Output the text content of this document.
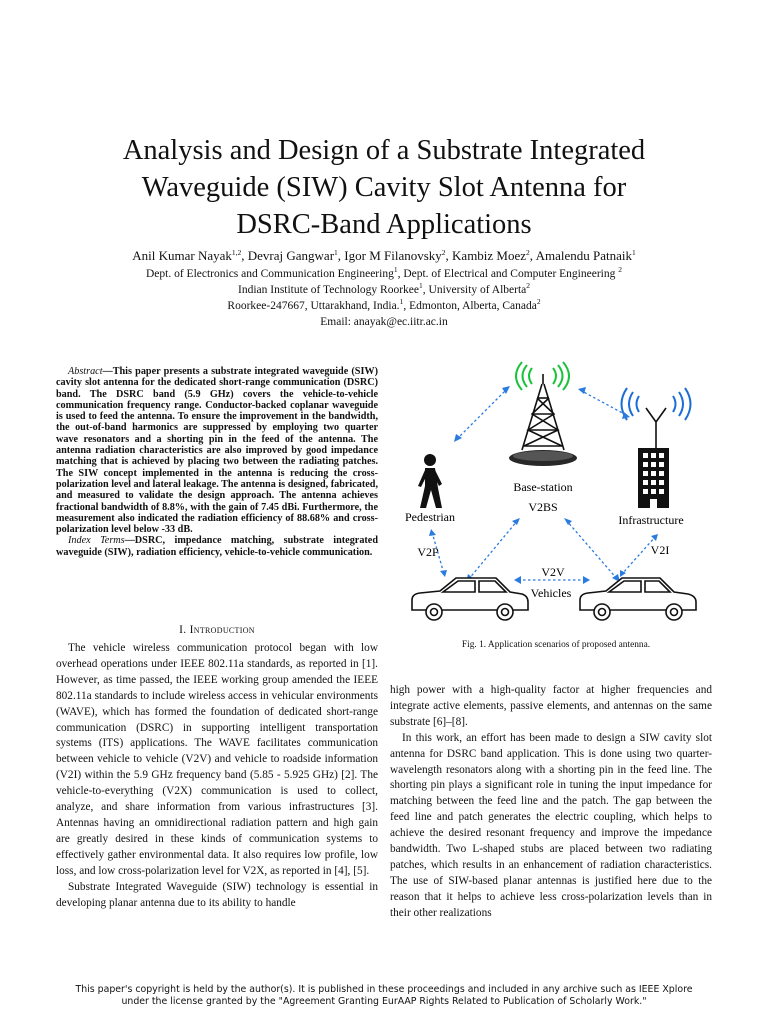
Analysis and Design of a Substrate Integrated
Waveguide (SIW) Cavity Slot Antenna for
DSRC-Band Applications
Anil Kumar Nayak$^{1,2}$, Devraj Gangwar$^1$, Igor M Filanovsky$^2$, Kambiz Moez$^2$, Amalendu Patnaik$^1$
Dept. of Electronics and Communication Engineering$^1$, Dept. of Electrical and Computer Engineering $^2$
Indian Institute of Technology Roorkee$^1$, University of Alberta$^2$
Roorkee-247667, Uttarakhand, India.$^1$, Edmonton, Alberta, Canada$^2$
Email: anayak@ec.iitr.ac.in
Abstract—This paper presents a substrate integrated waveguide (SIW) cavity slot antenna for the dedicated short-range communication (DSRC) band. The DSRC band (5.9 GHz) covers the vehicle-to-vehicle communication frequency range. Conductor-backed coplanar waveguide is used to feed the antenna. To ensure the improvement in the bandwidth, the out-of-band harmonics are suppressed by employing two quarter wave resonators and a shorting pin in the feed of the antenna. The antenna radiation characteristics are also improved by good impedance matching that is achieved by placing two between the radiating patches. The SIW concept implemented in the antenna is reducing the cross-polarization level and lateral leakage. The antenna is designed, fabricated, and measured to validate the design approach. The antenna achieves fractional bandwidth of 8.8%, with the gain of 7.45 dBi. Furthermore, the measurement also indicated the radiation efficiency of 88.68% and cross-polarization level below -33 dB.
Index Terms—DSRC, impedance matching, substrate integrated waveguide (SIW), radiation efficiency, vehicle-to-vehicle communication.
I. Introduction

The vehicle wireless communication protocol began with low overhead operations under IEEE 802.11a standards, as reported in [1]. However, as time passed, the IEEE working group amended the IEEE 802.11a standards to include wireless access in vehicular environments (WAVE), which has formed the foundation of dedicated short-range communication (DSRC) in supporting intelligent transportation systems (ITS) applications. The WAVE facilitates communication between vehicle to vehicle (V2V) and vehicle to roadside information (V2I) within the 5.9 GHz frequency band (5.85 - 5.925 GHz) [2]. The vehicle-to-everything (V2X) communication is used to collect, analyze, and share information from various infrastructures [3]. Antennas having an omnidirectional radiation pattern and high gain are greatly desired in these kinds of communication systems to effectively gather environmental data. It also requires low profile, low loss, and low cross-polarization level for V2X, as reported in [4], [5].

Substrate Integrated Waveguide (SIW) technology is essential in developing planar antenna due to its ability to handle

Base-station
V2BS
Infrastructure
Pedestrian
V2P	V2I
V2V
Vehicles
Fig. 1. Application scenarios of proposed antenna.

high power with a high-quality factor at higher frequencies and integrate active elements, passive elements, and antennas on the same substrate [6]–[8].

In this work, an effort has been made to design a SIW cavity slot antenna for DSRC band application. This is done using two quarter-wavelength resonators along with a shorting pin in the feed line. The shorting pin plays a significant role in tuning the input impedance for matching between the feed line and the patch. The gap between the feed line and patch generates the electric coupling, which helps to achieve the desired resonant frequency and improve the impedance bandwidth. Two L-shaped stubs are placed between two radiating patches, which results in an enhancement of radiation characteristics. The use of SIW-based planar antennas is justified here due to the reason that it helps to achieve less cross-polarization levels than in their other realizations

This paper's copyright is held by the author(s). It is published in these proceedings and included in any archive such as IEEE Xplore
under the license granted by the "Agreement Granting EurAAP Rights Related to Publication of Scholarly Work."
